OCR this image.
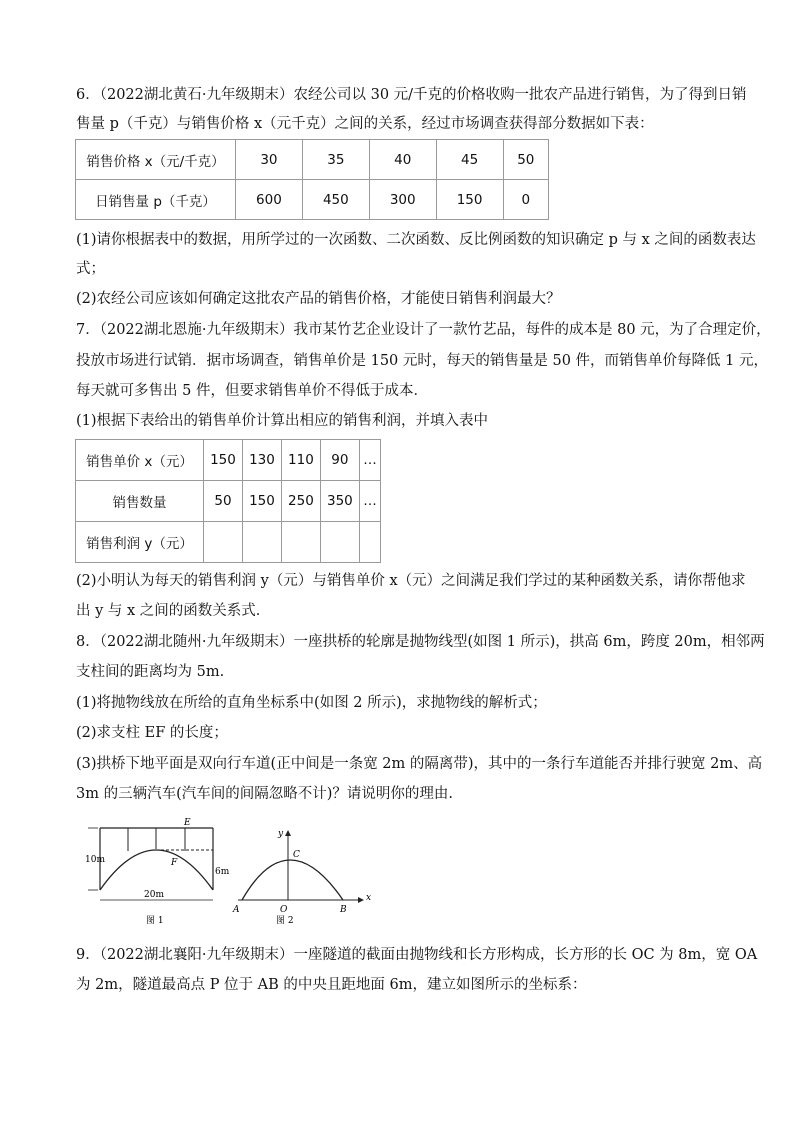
6．（2022湖北黄石·九年级期末）农经公司以 30 元/千克的价格收购一批农产品进行销售，为了得到日销
售量 p（千克）与销售价格 x（元千克）之间的关系，经过市场调查获得部分数据如下表：
销售价格 x（元/千克）	30	35	40	45	50
日销售量 p（千克）	600	450	300	150	0
(1)请你根据表中的数据，用所学过的一次函数、二次函数、反比例函数的知识确定 p 与 x 之间的函数表达
式；
(2)农经公司应该如何确定这批农产品的销售价格，才能使日销售利润最大？
7．（2022湖北恩施·九年级期末）我市某竹艺企业设计了一款竹艺品，每件的成本是 80 元，为了合理定价，
投放市场进行试销．据市场调查，销售单价是 150 元时，每天的销售量是 50 件，而销售单价每降低 1 元，
每天就可多售出 5 件，但要求销售单价不得低于成本．
(1)根据下表给出的销售单价计算出相应的销售利润，并填入表中
销售单价 x（元）	150	130	110	90	…
销售数量	50	150	250	350	…
销售利润 y（元）					
(2)小明认为每天的销售利润 y（元）与销售单价 x（元）之间满足我们学过的某种函数关系，请你帮他求
出 y 与 x 之间的函数关系式．
8．（2022湖北随州·九年级期末）一座拱桥的轮廓是抛物线型(如图 1 所示)，拱高 6m，跨度 20m，相邻两
支柱间的距离均为 5m.
(1)将抛物线放在所给的直角坐标系中(如图 2 所示)，求抛物线的解析式；
(2)求支柱 EF 的长度；
(3)拱桥下地平面是双向行车道(正中间是一条宽 2m 的隔离带)，其中的一条行车道能否并排行驶宽 2m、高
3m 的三辆汽车(汽车间的间隔忽略不计)？请说明你的理由.
E
F
10m
6m
20m
图 1
y
x
C
O
A	B
图 2
9．（2022湖北襄阳·九年级期末）一座隧道的截面由抛物线和长方形构成，长方形的长 OC 为 8m，宽 OA
为 2m，隧道最高点 P 位于 AB 的中央且距地面 6m，建立如图所示的坐标系：
